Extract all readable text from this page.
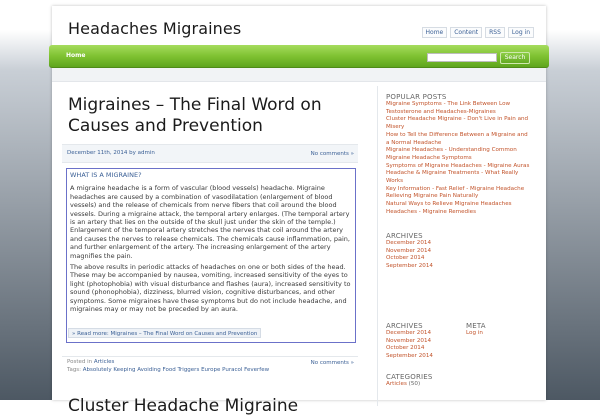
Headaches Migraines	Home	Content	RSS	Log in
Home	Search
Migraines – The Final Word on
Causes and Prevention
December 11th, 2014 by admin	No comments »

WHAT IS A MIGRAINE?

A migraine headache is a form of vascular (blood vessels) headache. Migraine headaches are caused by a combination of vasodilatation (enlargement of blood vessels) and the release of chemicals from nerve fibers that coil around the blood vessels. During a migraine attack, the temporal artery enlarges. (The temporal artery is an artery that lies on the outside of the skull just under the skin of the temple.) Enlargement of the temporal artery stretches the nerves that coil around the artery and causes the nerves to release chemicals. The chemicals cause inflammation, pain, and further enlargement of the artery. The increasing enlargement of the artery magnifies the pain.

The above results in periodic attacks of headaches on one or both sides of the head. These may be accompanied by nausea, vomiting, increased sensitivity of the eyes to light (photophobia) with visual disturbance and flashes (aura), increased sensitivity to sound (phonophobia), dizziness, blurred vision, cognitive disturbances, and other symptoms. Some migraines have these symptoms but do not include headache, and migraines may or may not be preceded by an aura.

» Read more: Migraines – The Final Word on Causes and Prevention
Posted in Articles
Tags: Absolutely Keeping Avoiding Food Triggers Europe Puracol Feverfew
No comments »
Cluster Headache Migraine
POPULAR POSTS
Migraine Symptoms - The Link Between Low
Testosterone and Headaches-Migraines
Cluster Headache Migraine - Don't Live in Pain and
Misery
How to Tell the Difference Between a Migraine and
a Normal Headache
Migraine Headaches - Understanding Common
Migraine Headache Symptoms
Symptoms of Migraine Headaches - Migraine Auras
Headache & Migraine Treatments - What Really
Works
Key Information - Fast Relief - Migraine Headache
Relieving Migraine Pain Naturally
Natural Ways to Relieve Migraine Headaches
Headaches - Migraine Remedies
ARCHIVES
December 2014
November 2014
October 2014
September 2014
ARCHIVES
December 2014
November 2014
October 2014
September 2014
META
Log in
CATEGORIES
Articles (50)
